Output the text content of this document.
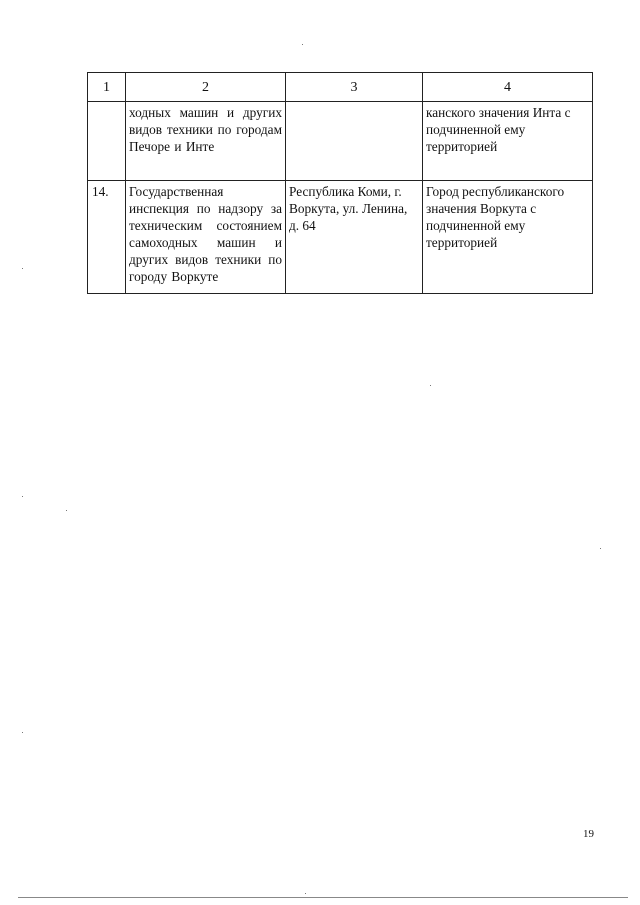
1	2	3	4
	ходных машин и других видов техники по городам Печоре и Инте		канского значения Инта с подчиненной ему территорией
14.	Государственная инспекция по надзору за техническим состоянием самоходных машин и других видов техники по городу Воркуте	Республика Коми, г. Воркута, ул. Ленина, д. 64	Город республиканского значения Воркута с подчиненной ему территорией
19
